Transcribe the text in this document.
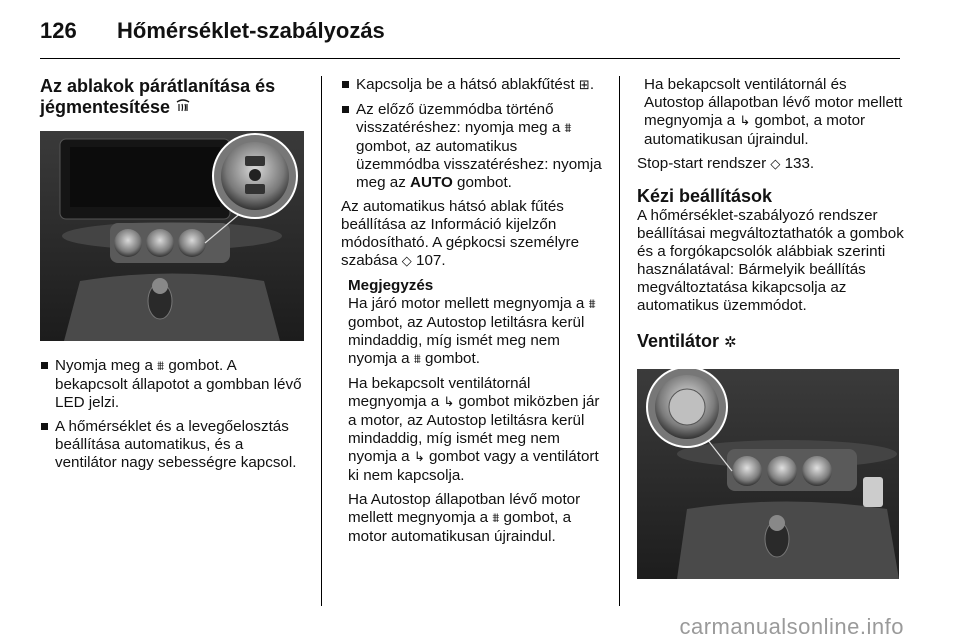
126 Hőmérséklet-szabályozás
Az ablakok párátlanítása és
jégmentesítése
Nyomja meg a ⩩ gombot. A bekapcsolt állapotot a gombban lévő LED jelzi.
A hőmérséklet és a levegőelosztás beállítása automatikus, és a ventilátor nagy sebességre kapcsol.
Kapcsolja be a hátsó ablakfűtést ⊞.
Az előző üzemmódba történő visszatéréshez: nyomja meg a ⩩ gombot, az automatikus üzemmódba visszatéréshez: nyomja meg az AUTO gombot.

Az automatikus hátsó ablak fűtés beállítása az Információ kijelzőn módosítható. A gépkocsi személyre szabása ◇ 107.

Megjegyzés

Ha járó motor mellett megnyomja a ⩩ gombot, az Autostop letiltásra kerül mindaddig, míg ismét meg nem nyomja a ⩩ gombot.

Ha bekapcsolt ventilátornál megnyomja a ↳ gombot miközben jár a motor, az Autostop letiltásra kerül mindaddig, míg ismét meg nem nyomja a ↳ gombot vagy a ventilátort ki nem kapcsolja.

Ha Autostop állapotban lévő motor mellett megnyomja a ⩩ gombot, a motor automatikusan újraindul.

Ha bekapcsolt ventilátornál és Autostop állapotban lévő motor mellett megnyomja a ↳ gombot, a motor automatikusan újraindul.

Stop-start rendszer ◇ 133.

Kézi beállítások

A hőmérséklet-szabályozó rendszer beállításai megváltoztathatók a gombok és a forgókapcsolók alábbiak szerinti használatával: Bármelyik beállítás megváltoztatása kikapcsolja az automatikus üzemmódot.

Ventilátor ✲
carmanualsonline.info
